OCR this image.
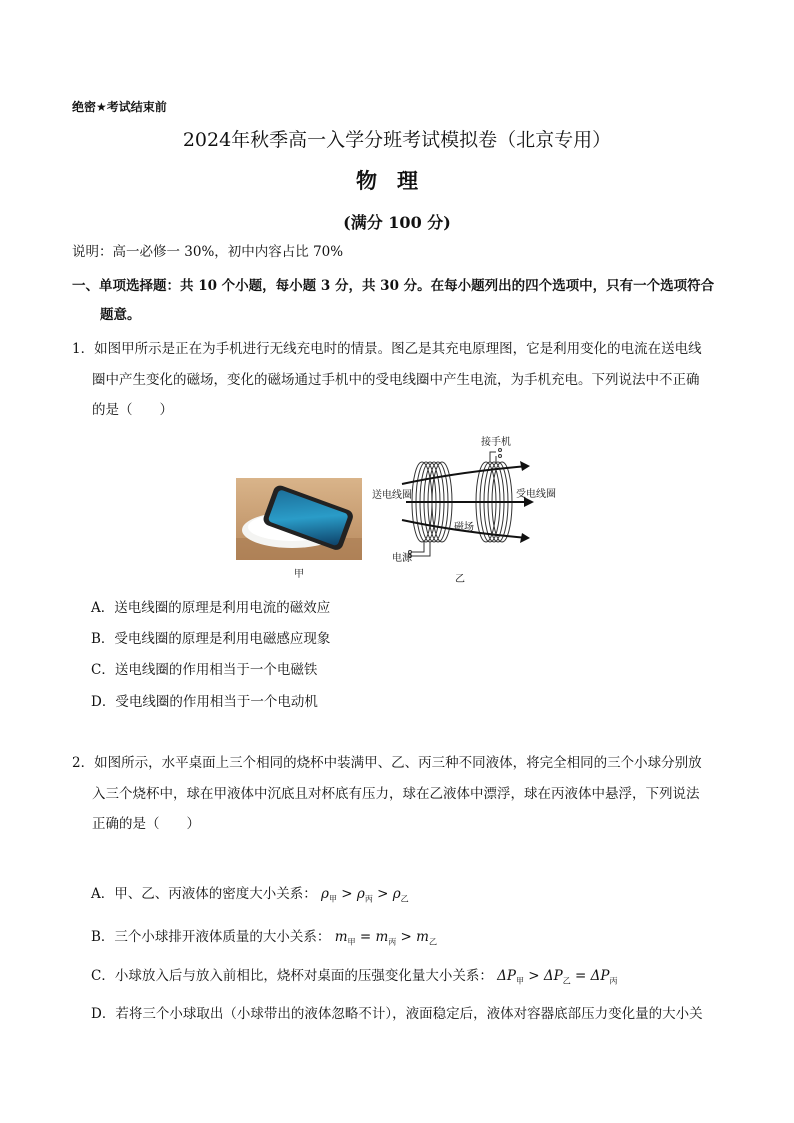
绝密★考试结束前
2024年秋季高一入学分班考试模拟卷（北京专用）
物理
(满分 100 分)
说明：高一必修一 30%，初中内容占比 70%
一、单项选择题：共 10 个小题，每小题 3 分，共 30 分。在每小题列出的四个选项中，只有一个选项符合
题意。
1．如图甲所示是正在为手机进行无线充电时的情景。图乙是其充电原理图，它是利用变化的电流在送电线
圈中产生变化的磁场，变化的磁场通过手机中的受电线圈中产生电流，为手机充电。下列说法中不正确
的是（　　）
甲
接手机
送电线圈	受电线圈
磁场
电源
乙
A．送电线圈的原理是利用电流的磁效应
B．受电线圈的原理是利用电磁感应现象
C．送电线圈的作用相当于一个电磁铁
D．受电线圈的作用相当于一个电动机
2．如图所示，水平桌面上三个相同的烧杯中装满甲、乙、丙三种不同液体，将完全相同的三个小球分别放
入三个烧杯中，球在甲液体中沉底且对杯底有压力，球在乙液体中漂浮，球在丙液体中悬浮，下列说法
正确的是（　　）
A．甲、乙、丙液体的密度大小关系： $\rho_甲 > \rho_丙 > \rho_乙$
B．三个小球排开液体质量的大小关系： $m_甲 = m_丙 > m_乙$
C．小球放入后与放入前相比，烧杯对桌面的压强变化量大小关系： $\Delta P_甲 > \Delta P_乙 = \Delta P_丙$
D．若将三个小球取出（小球带出的液体忽略不计），液面稳定后，液体对容器底部压力变化量的大小关
